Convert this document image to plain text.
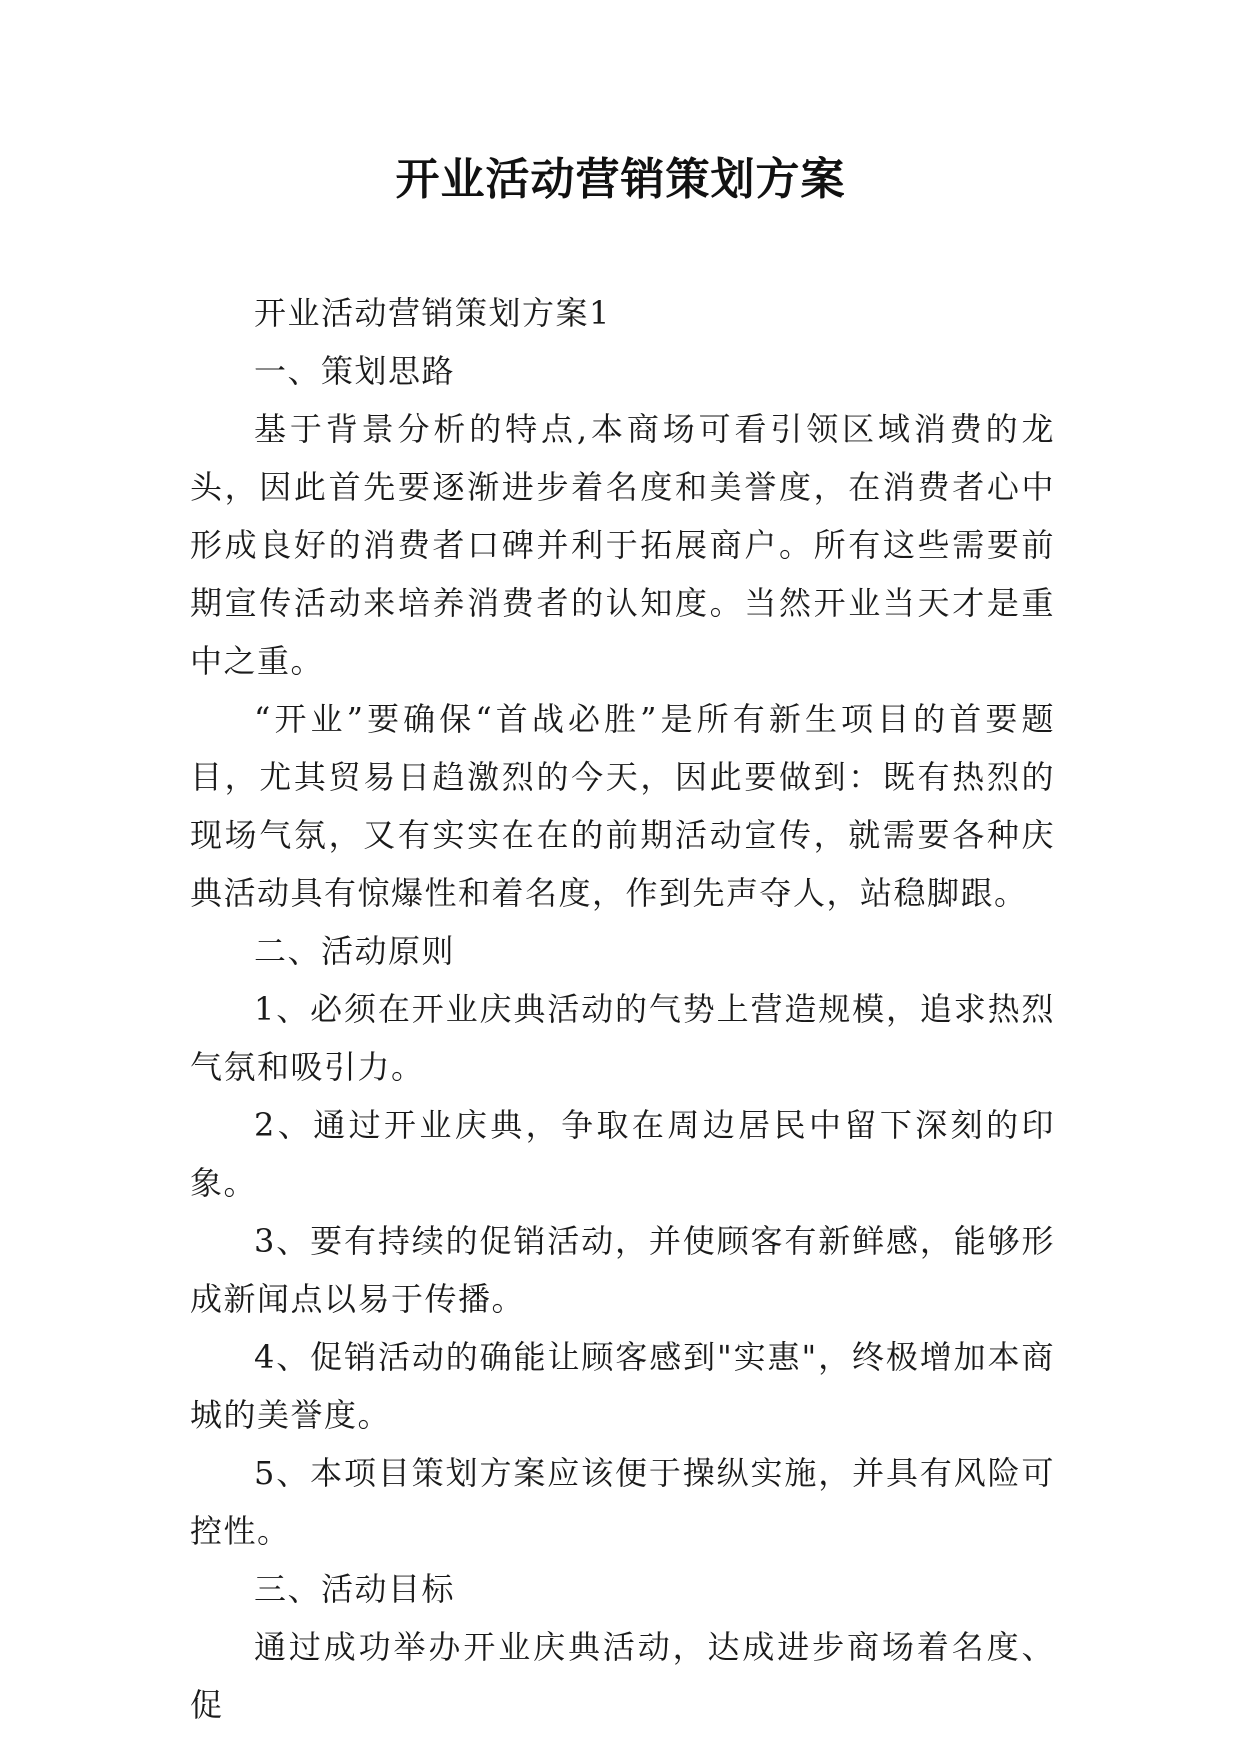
开业活动营销策划方案

开业活动营销策划方案1

一、策划思路

基于背景分析的特点,本商场可看引领区域消费的龙头，因此首先要逐渐进步着名度和美誉度，在消费者心中形成良好的消费者口碑并利于拓展商户。所有这些需要前期宣传活动来培养消费者的认知度。当然开业当天才是重中之重。

“开业”要确保“首战必胜”是所有新生项目的首要题目，尤其贸易日趋激烈的今天，因此要做到：既有热烈的现场气氛，又有实实在在的前期活动宣传，就需要各种庆典活动具有惊爆性和着名度，作到先声夺人，站稳脚跟。

二、活动原则

1、必须在开业庆典活动的气势上营造规模，追求热烈气氛和吸引力。

2、通过开业庆典，争取在周边居民中留下深刻的印象。

3、要有持续的促销活动，并使顾客有新鲜感，能够形成新闻点以易于传播。

4、促销活动的确能让顾客感到"实惠"，终极增加本商城的美誉度。

5、本项目策划方案应该便于操纵实施，并具有风险可控性。

三、活动目标

通过成功举办开业庆典活动，达成进步商场着名度、促
